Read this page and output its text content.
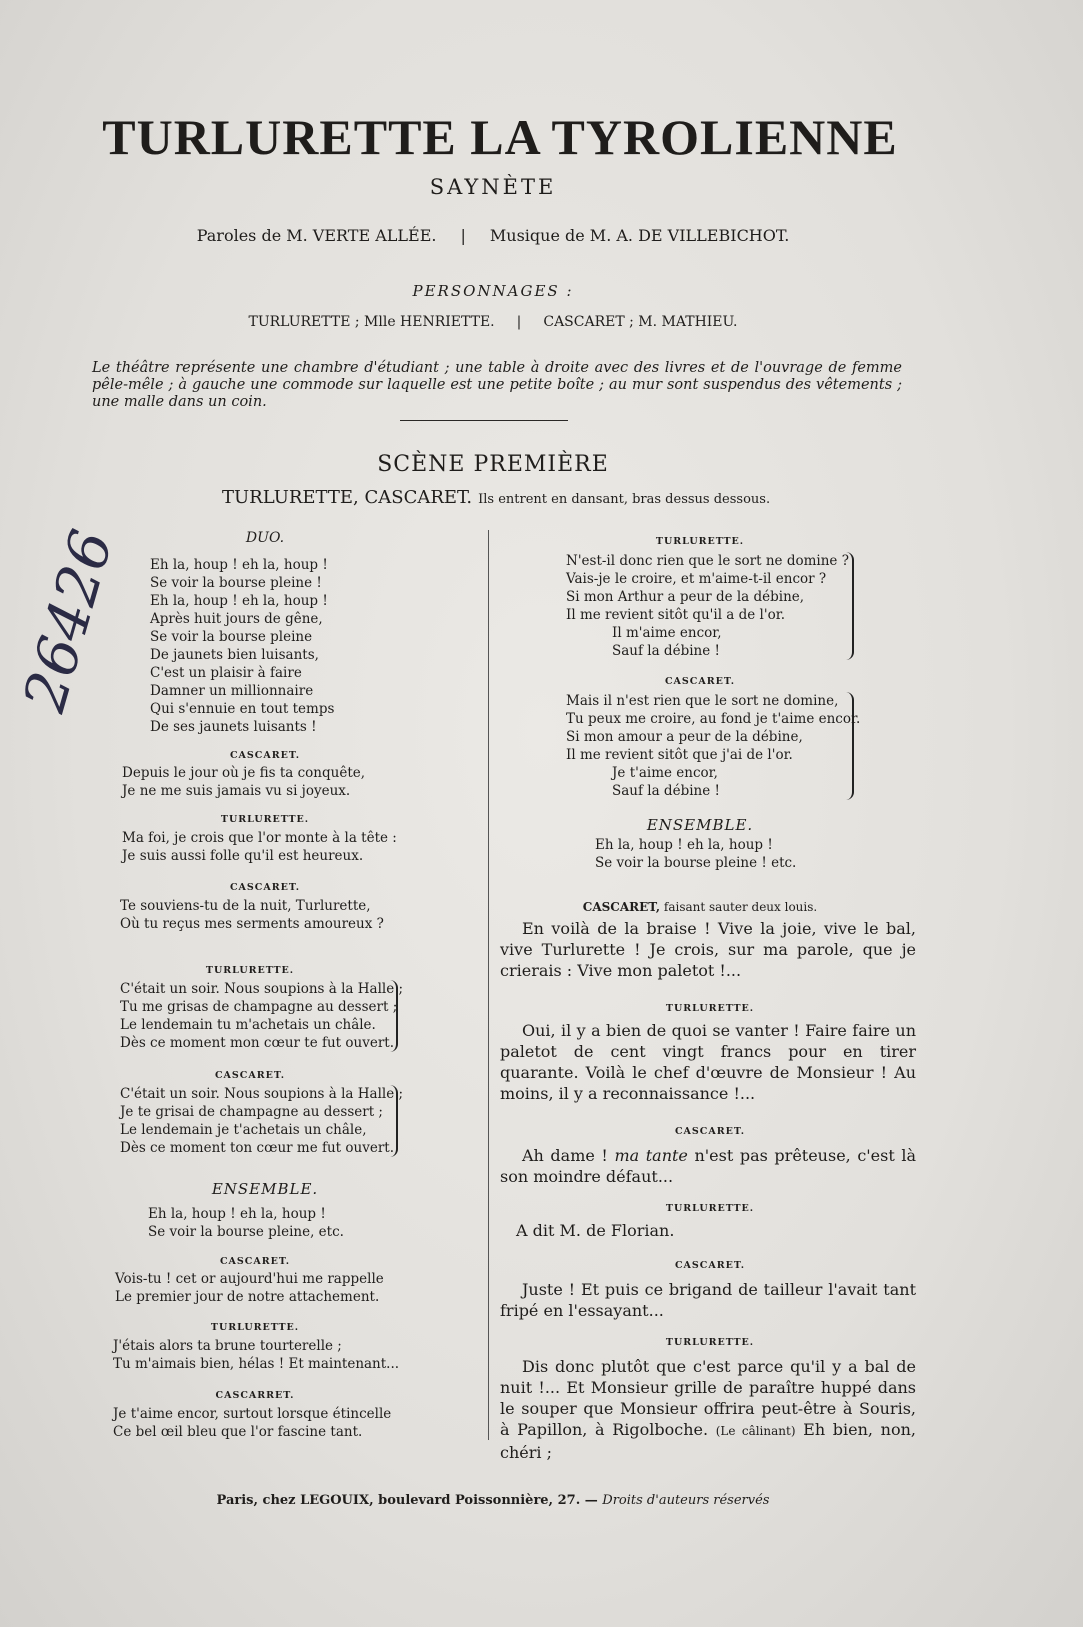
TURLURETTE LA TYROLIENNE
SAYNÈTE
Paroles de M. VERTE ALLÉE. | Musique de M. A. DE VILLEBICHOT.
PERSONNAGES :
TURLURETTE ; Mlle HENRIETTE. | CASCARET ; M. MATHIEU.
Le théâtre représente une chambre d'étudiant ; une table à droite avec des livres et de l'ouvrage de femme pêle-mêle ; à gauche une commode sur laquelle est une petite boîte ; au mur sont suspendus des vêtements ; une malle dans un coin.
SCÈNE PREMIÈRE
TURLURETTE, CASCARET. Ils entrent en dansant, bras dessus dessous.
DUO.
Eh la, houp ! eh la, houp !
Se voir la bourse pleine !
Eh la, houp ! eh la, houp !
Après huit jours de gêne,
Se voir la bourse pleine
De jaunets bien luisants,
C'est un plaisir à faire
Damner un millionnaire
Qui s'ennuie en tout temps
De ses jaunets luisants !
CASCARET.
Depuis le jour où je fis ta conquête,
Je ne me suis jamais vu si joyeux.
TURLURETTE.
Ma foi, je crois que l'or monte à la tête :
Je suis aussi folle qu'il est heureux.
CASCARET.
Te souviens-tu de la nuit, Turlurette,
Où tu reçus mes serments amoureux ?
TURLURETTE.
C'était un soir. Nous soupions à la Halle ;
Tu me grisas de champagne au dessert ;
Le lendemain tu m'achetais un châle.
Dès ce moment mon cœur te fut ouvert.
CASCARET.
C'était un soir. Nous soupions à la Halle ;
Je te grisai de champagne au dessert ;
Le lendemain je t'achetais un châle,
Dès ce moment ton cœur me fut ouvert.
ENSEMBLE.
Eh la, houp ! eh la, houp !
Se voir la bourse pleine, etc.
CASCARET.
Vois-tu ! cet or aujourd'hui me rappelle
Le premier jour de notre attachement.
TURLURETTE.
J'étais alors ta brune tourterelle ;
Tu m'aimais bien, hélas ! Et maintenant...
CASCARRET.
Je t'aime encor, surtout lorsque étincelle
Ce bel œil bleu que l'or fascine tant.
TURLURETTE.
N'est-il donc rien que le sort ne domine ?
Vais-je le croire, et m'aime-t-il encor ?
Si mon Arthur a peur de la débine,
Il me revient sitôt qu'il a de l'or.
Il m'aime encor,
Sauf la débine !
CASCARET.
Mais il n'est rien que le sort ne domine,
Tu peux me croire, au fond je t'aime encor.
Si mon amour a peur de la débine,
Il me revient sitôt que j'ai de l'or.
Je t'aime encor,
Sauf la débine !
ENSEMBLE.
Eh la, houp ! eh la, houp !
Se voir la bourse pleine ! etc.
CASCARET, faisant sauter deux louis.
En voilà de la braise ! Vive la joie, vive le bal, vive Turlurette ! Je crois, sur ma parole, que je crierais : Vive mon paletot !...
TURLURETTE.
Oui, il y a bien de quoi se vanter ! Faire faire un paletot de cent vingt francs pour en tirer quarante. Voilà le chef d'œuvre de Monsieur ! Au moins, il y a reconnaissance !...
CASCARET.
Ah dame ! ma tante n'est pas prêteuse, c'est là son moindre défaut...
TURLURETTE.
A dit M. de Florian.
CASCARET.
Juste ! Et puis ce brigand de tailleur l'avait tant fripé en l'essayant...
TURLURETTE.
Dis donc plutôt que c'est parce qu'il y a bal de nuit !... Et Monsieur grille de paraître huppé dans le souper que Monsieur offrira peut-être à Souris, à Papillon, à Rigolboche. (Le câlinant) Eh bien, non, chéri ;
Paris, chez LEGOUIX, boulevard Poissonnière, 27. — Droits d'auteurs réservés
26426
